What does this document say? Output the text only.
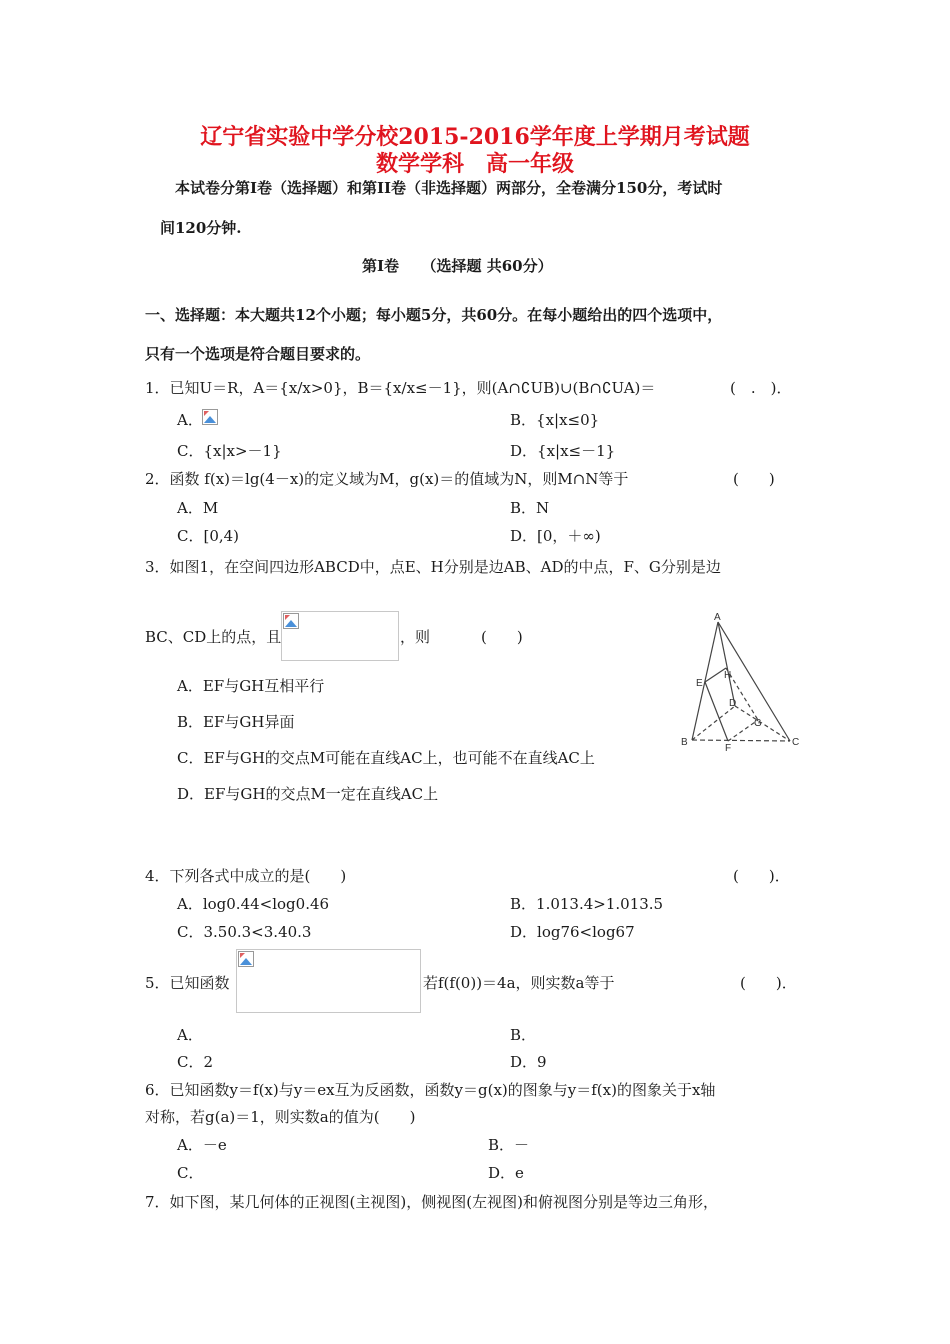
辽宁省实验中学分校2015-2016学年度上学期月考试题
数学学科　高一年级
本试卷分第Ⅰ卷（选择题）和第II卷（非选择题）两部分，全卷满分150分，考试时
间120分钟.
第Ⅰ卷　　（选择题 共60分）
一、选择题：本大题共12个小题；每小题5分，共60分。在每小题给出的四个选项中，
只有一个选项是符合题目要求的。
1．已知U＝R，A＝{x/x>0}，B＝{x/x≤－1}，则(A∩∁UB)∪(B∩∁UA)＝	(　.　)．
A．	B．{x|x≤0}
C．{x|x>－1}	D．{x|x≤－1}
2．函数 f(x)＝lg(4－x)的定义域为M，g(x)＝的值域为N，则M∩N等于	(　　)
A．M	B．N
C．[0,4)	D．[0，＋∞)
3．如图1，在空间四边形ABCD中，点E、H分别是边AB、AD的中点，F、G分别是边
BC、CD上的点，且	，则	(　　)
A
B	C
D
E
F
G
H
A．EF与GH互相平行
B．EF与GH异面
C．EF与GH的交点M可能在直线AC上，也可能不在直线AC上
D．EF与GH的交点M一定在直线AC上
4．下列各式中成立的是(　　)	(　　)．
A．log0.44<log0.46	B．1.013.4>1.013.5
C．3.50.3<3.40.3	D．log76<log67
5．已知函数	若f(f(0))＝4a，则实数a等于	(　　)．
A．	B．
C．2	D．9
6．已知函数y＝f(x)与y＝ex互为反函数，函数y＝g(x)的图象与y＝f(x)的图象关于x轴
对称，若g(a)＝1，则实数a的值为(　　)
A．－e	B．－
C．	D．e
7．如下图，某几何体的正视图(主视图)，侧视图(左视图)和俯视图分别是等边三角形，
